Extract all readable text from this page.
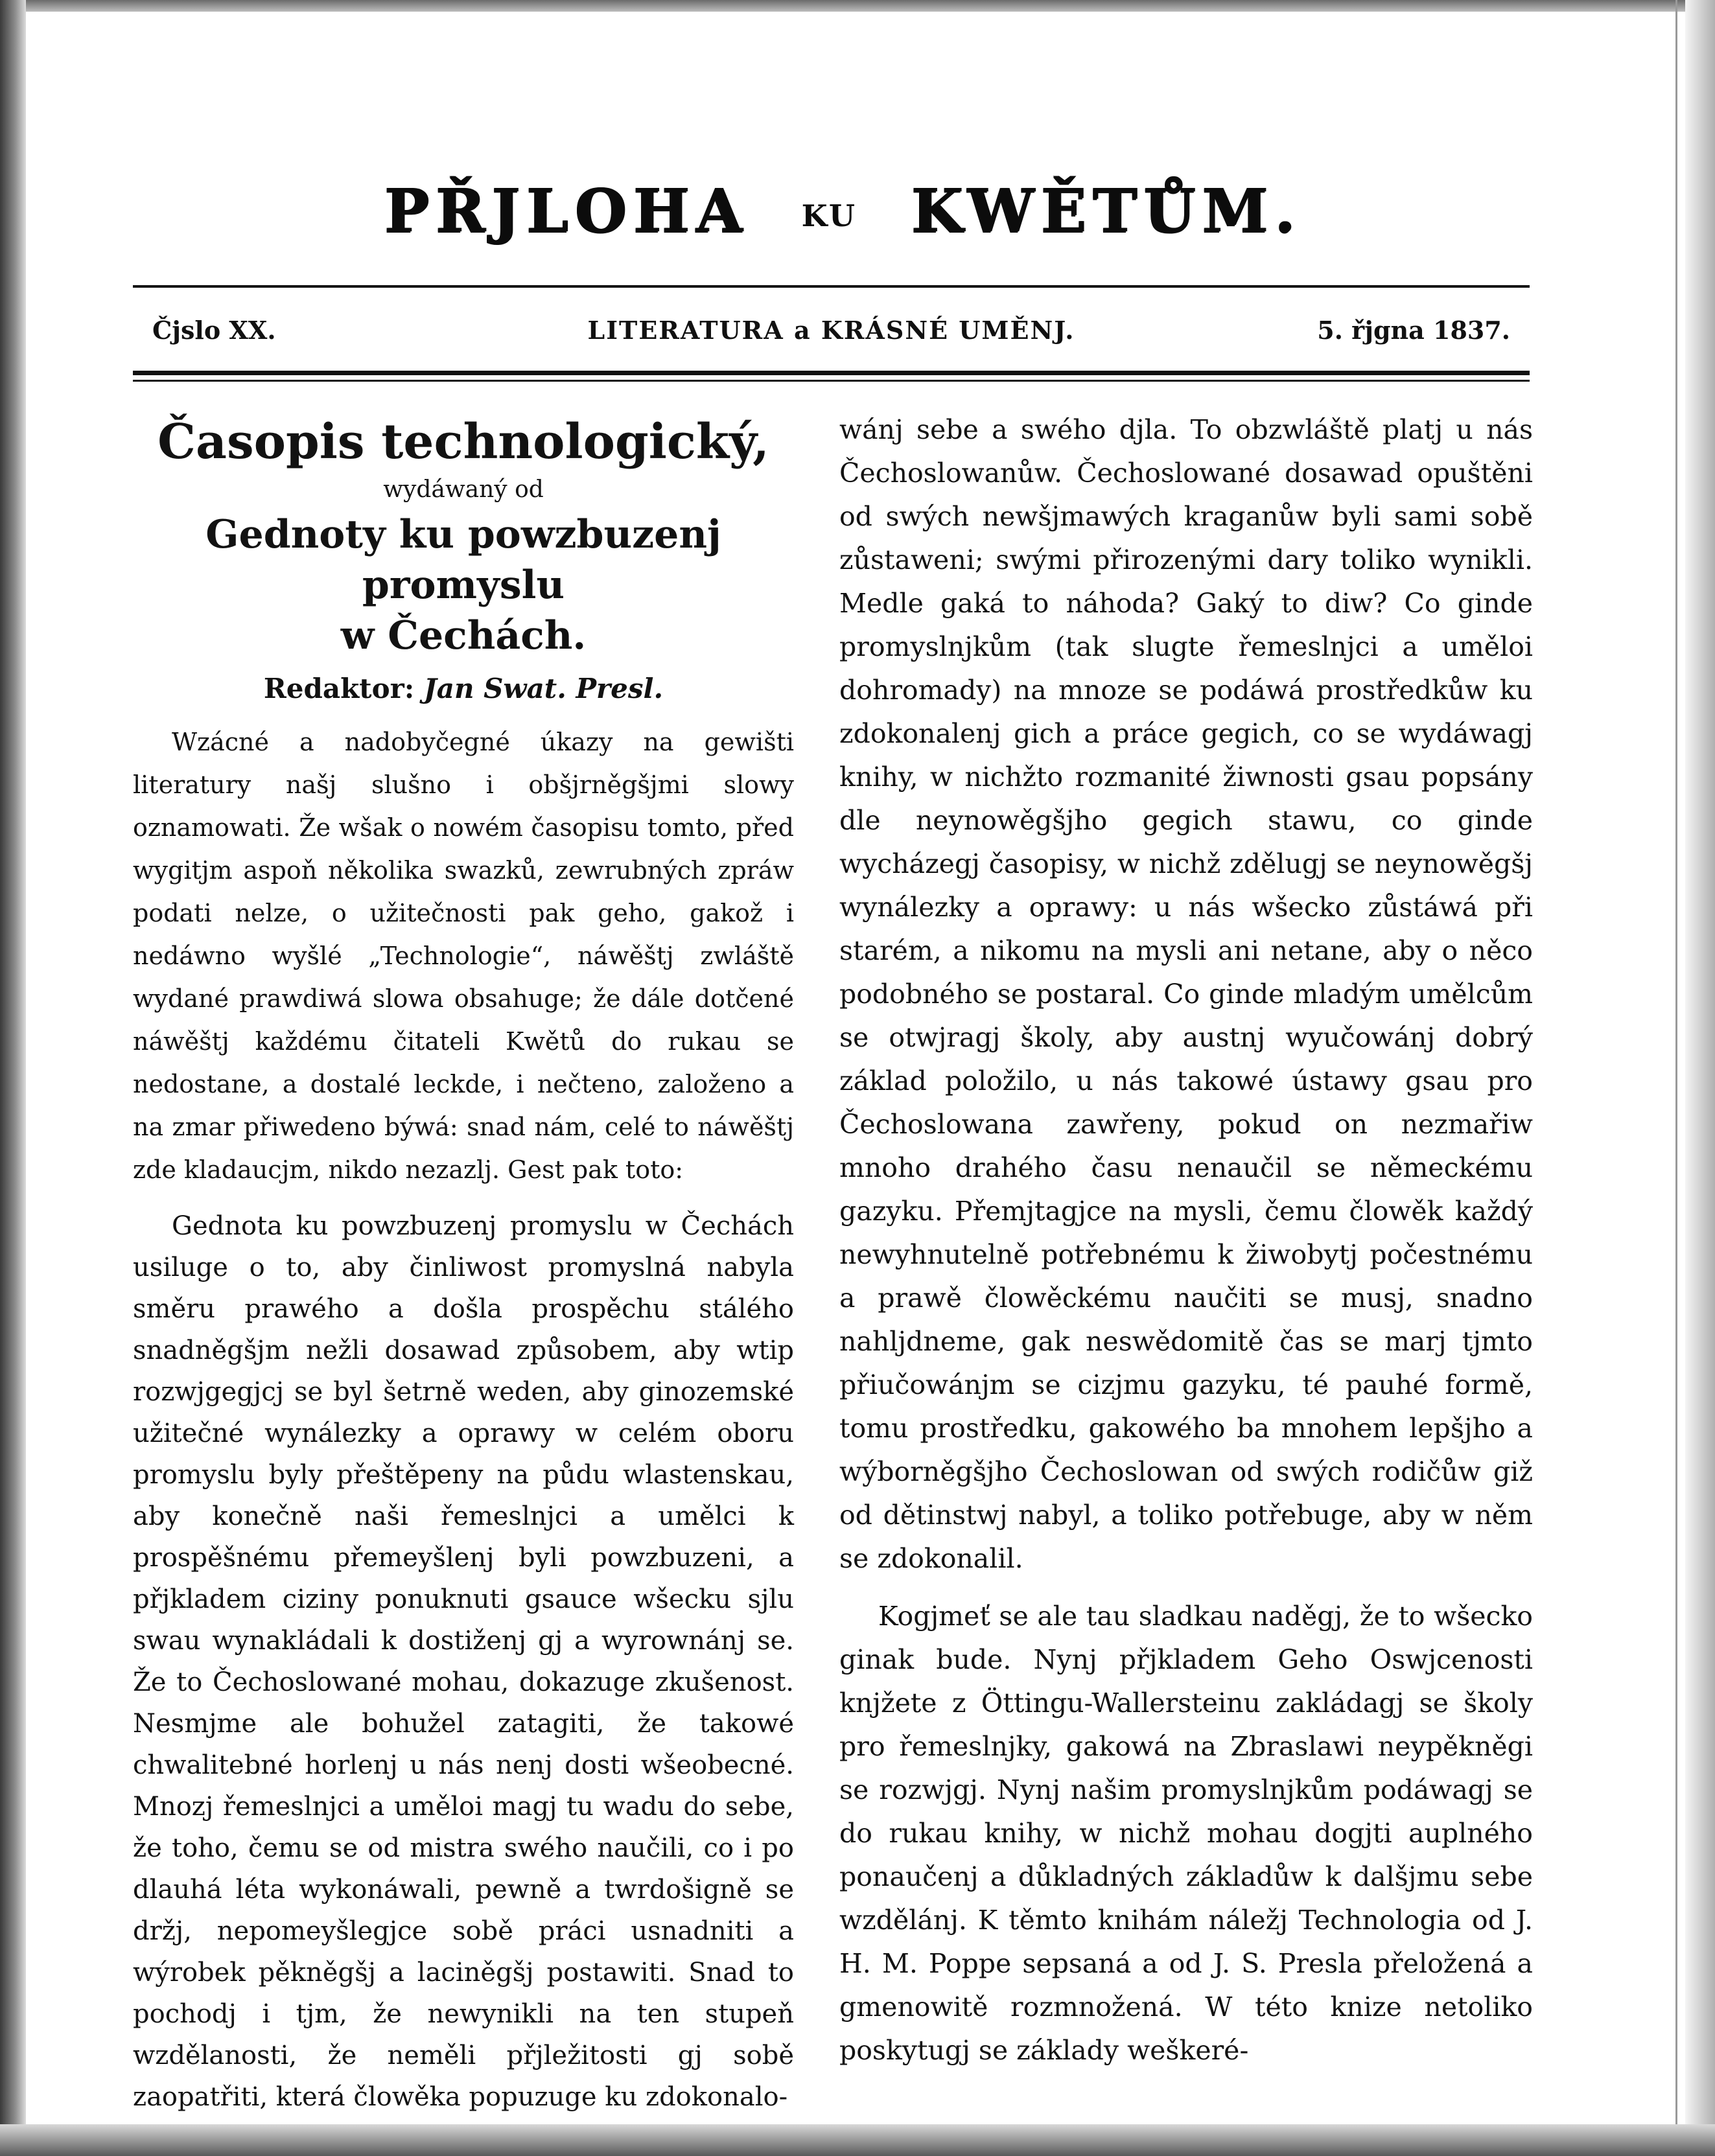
PŘJLOHA KU KWĚTŮM.
LITERATURA a KRÁSNÉ UMĚNJ.
Čjslo XX.	5. řjgna 1837.
Časopis technologický,
wydáwaný od
Gednoty ku powzbuzenj promyslu
w Čechách.
Redaktor: Jan Swat. Presl.

Wzácné a nadobyčegné úkazy na gewišti literatury našj slušno i obšjrněgšjmi slowy oznamowati. Že wšak o nowém časopisu tomto, před wygitjm aspoň několika swazků, zewrubných zpráw podati nelze, o užitečnosti pak geho, gakož i nedáwno wyšlé „Technologie“, náwěštj zwláště wydané prawdiwá slowa obsahuge; že dále dotčené náwěštj každému čitateli Kwětů do rukau se nedostane, a dostalé leckde, i nečteno, založeno a na zmar přiwedeno býwá: snad nám, celé to náwěštj zde kladaucjm, nikdo nezazlj. Gest pak toto:

Gednota ku powzbuzenj promyslu w Čechách usiluge o to, aby činliwost promyslná nabyla směru prawého a došla prospěchu stálého snadněgšjm nežli dosawad způsobem, aby wtip rozwjgegjcj se byl šetrně weden, aby ginozemské užitečné wynálezky a oprawy w celém oboru promyslu byly přeštěpeny na půdu wlastenskau, aby konečně naši řemeslnjci a umělci k prospěšnému přemeyšlenj byli powzbuzeni, a přjkladem ciziny ponuknuti gsauce wšecku sjlu swau wynakládali k dostiženj gj a wyrownánj se. Že to Čechoslowané mohau, dokazuge zkušenost. Nesmjme ale bohužel zatagiti, že takowé chwalitebné horlenj u nás nenj dosti wšeobecné. Mnozj řemeslnjci a uměloi magj tu wadu do sebe, že toho, čemu se od mistra swého naučili, co i po dlauhá léta wykonáwali, pewně a twrdošigně se držj, nepomeyšlegjce sobě práci usnadniti a wýrobek pěkněgšj a laciněgšj postawiti. Snad to pochodj i tjm, že newynikli na ten stupeň wzdělanosti, že neměli přjležitosti gj sobě zaopatřiti, která člowěka popuzuge ku zdokonalo-

wánj sebe a swého djla. To obzwláště platj u nás Čechoslowanůw. Čechoslowané dosawad opuštěni od swých newšjmawých kraganůw byli sami sobě zůstaweni; swými přirozenými dary toliko wynikli. Medle gaká to náhoda? Gaký to diw? Co ginde promyslnjkům (tak slugte řemeslnjci a uměloi dohromady) na mnoze se podáwá prostředkůw ku zdokonalenj gich a práce gegich, co se wydáwagj knihy, w nichžto rozmanité žiwnosti gsau popsány dle neynowěgšjho gegich stawu, co ginde wycházegj časopisy, w nichž zdělugj se neynowěgšj wynálezky a oprawy: u nás wšecko zůstáwá při starém, a nikomu na mysli ani netane, aby o něco podobného se postaral. Co ginde mladým umělcům se otwjragj školy, aby austnj wyučowánj dobrý základ položilo, u nás takowé ústawy gsau pro Čechoslowana zawřeny, pokud on nezmařiw mnoho drahého času nenaučil se německému gazyku. Přemjtagjce na mysli, čemu člowěk každý newyhnutelně potřebnému k žiwobytj počestnému a prawě člowěckému naučiti se musj, snadno nahljdneme, gak neswědomitě čas se marj tjmto přiučowánjm se cizjmu gazyku, té pauhé formě, tomu prostředku, gakowého ba mnohem lepšjho a wýborněgšjho Čechoslowan od swých rodičůw giž od dětinstwj nabyl, a toliko potřebuge, aby w něm se zdokonalil.

Kogjmeť se ale tau sladkau naděgj, že to wšecko ginak bude. Nynj přjkladem Geho Oswjcenosti knjžete z Öttingu-Wallersteinu zakládagj se školy pro řemeslnjky, gakowá na Zbraslawi neypěkněgi se rozwjgj. Nynj našim promyslnjkům podáwagj se do rukau knihy, w nichž mohau dogjti auplného ponaučenj a důkladných základůw k dalšjmu sebe wzdělánj. K těmto knihám náležj Technologia od J. H. M. Poppe sepsaná a od J. S. Presla přeložená a gmenowitě rozmnožená. W této knize netoliko poskytugj se základy weškeré-
